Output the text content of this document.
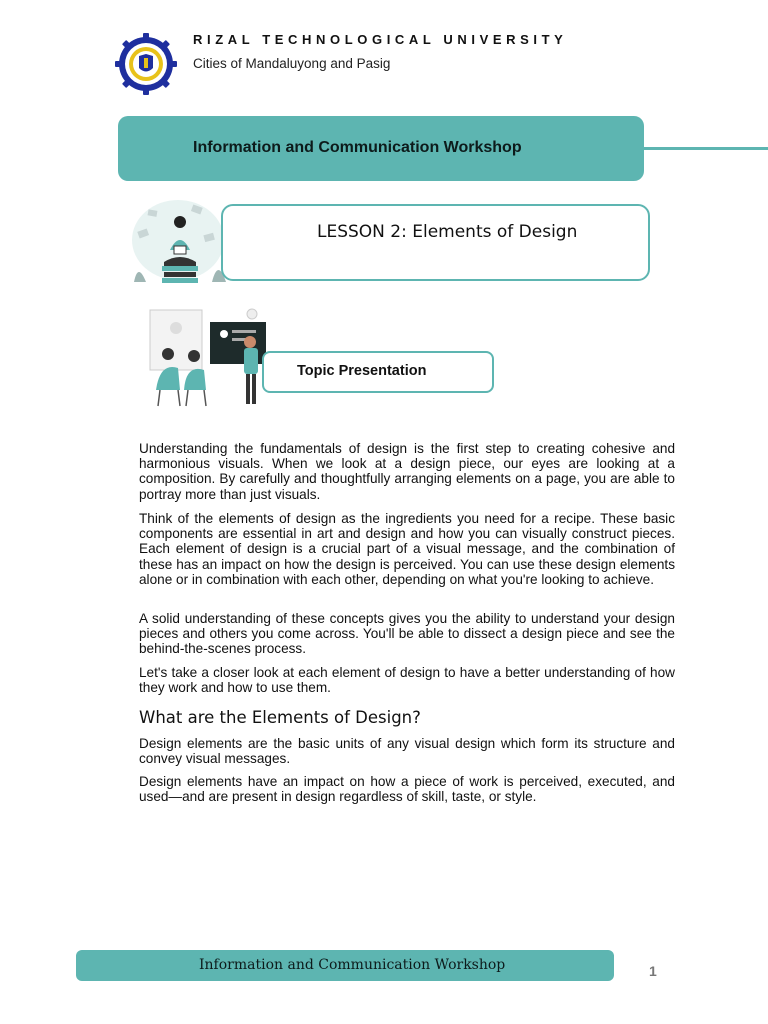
RIZAL TECHNOLOGICAL UNIVERSITY
Cities of Mandaluyong and Pasig
Information and Communication Workshop
LESSON 2: Elements of Design
Topic Presentation

Understanding the fundamentals of design is the first step to creating cohesive and harmonious visuals. When we look at a design piece, our eyes are looking at a composition. By carefully and thoughtfully arranging elements on a page, you are able to portray more than just visuals.

Think of the elements of design as the ingredients you need for a recipe. These basic components are essential in art and design and how you can visually construct pieces. Each element of design is a crucial part of a visual message, and the combination of these has an impact on how the design is perceived. You can use these design elements alone or in combination with each other, depending on what you're looking to achieve.

A solid understanding of these concepts gives you the ability to understand your design pieces and others you come across. You'll be able to dissect a design piece and see the behind-the-scenes process.

Let's take a closer look at each element of design to have a better understanding of how they work and how to use them.

What are the Elements of Design?

Design elements are the basic units of any visual design which form its structure and convey visual messages.

Design elements have an impact on how a piece of work is perceived, executed, and used—and are present in design regardless of skill, taste, or style.

Information and Communication Workshop	1
